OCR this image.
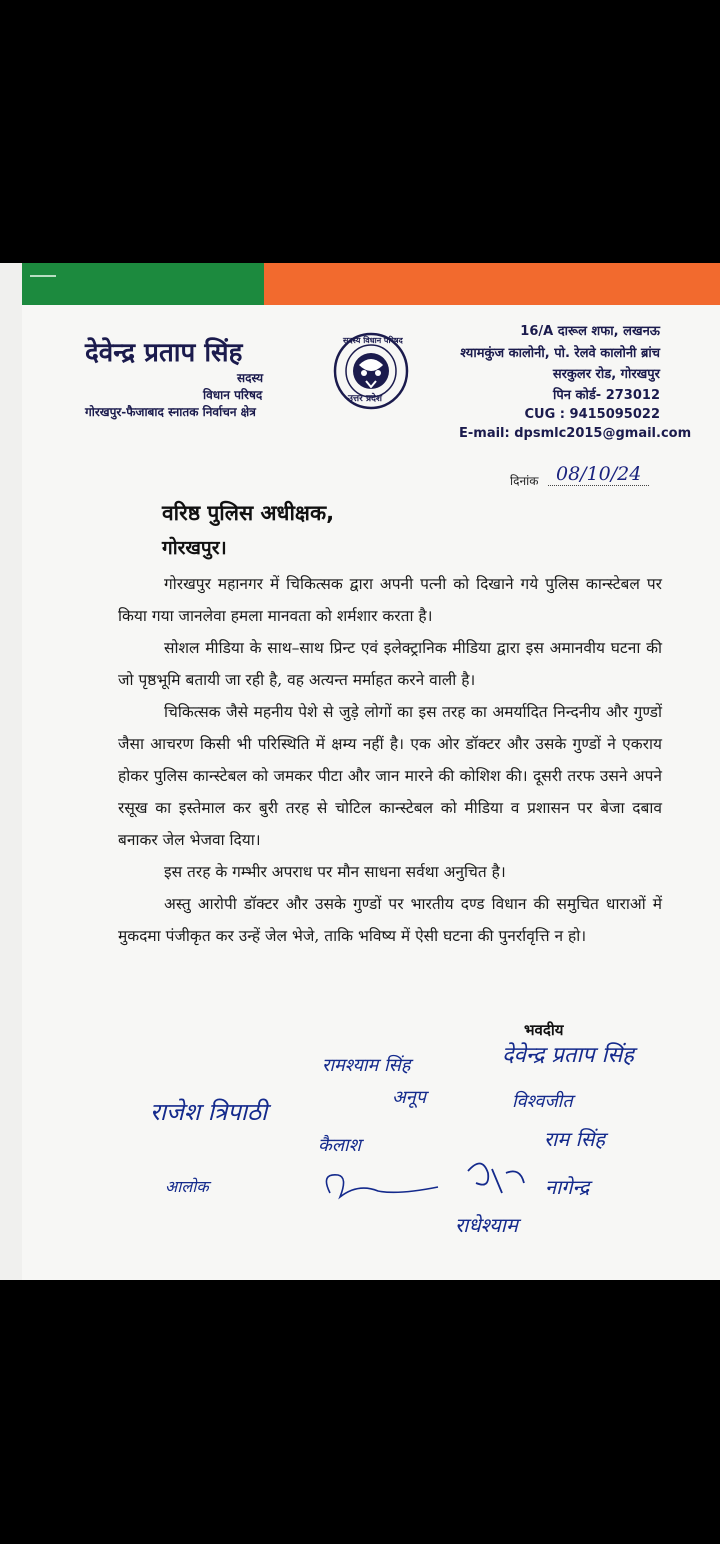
देवेन्द्र प्रताप सिंह
सदस्य
विधान परिषद
गोरखपुर-फैजाबाद स्नातक निर्वाचन क्षेत्र
सदस्य विधान परिषद
उत्तर प्रदेश
16/A दारूल शफा, लखनऊ
श्यामकुंज कालोनी, पो. रेलवे कालोनी ब्रांच
सरकुलर रोड, गोरखपुर
पिन कोर्ड- 273012
CUG : 9415095022
E-mail: dpsmlc2015@gmail.com
दिनांक 08/10/24
वरिष्ठ पुलिस अधीक्षक,
गोरखपुर।

गोरखपुर महानगर में चिकित्सक द्वारा अपनी पत्नी को दिखाने गये पुलिस कान्स्टेबल पर किया गया जानलेवा हमला मानवता को शर्मशार करता है।

सोशल मीडिया के साथ–साथ प्रिन्ट एवं इलेक्ट्रानिक मीडिया द्वारा इस अमानवीय घटना की जो पृष्ठभूमि बतायी जा रही है, वह अत्यन्त मर्माहत करने वाली है।

चिकित्सक जैसे महनीय पेशे से जुड़े लोगों का इस तरह का अमर्यादित निन्दनीय और गुण्डों जैसा आचरण किसी भी परिस्थिति में क्षम्य नहीं है। एक ओर डॉक्टर और उसके गुण्डों ने एकराय होकर पुलिस कान्स्टेबल को जमकर पीटा और जान मारने की कोशिश की। दूसरी तरफ उसने अपने रसूख का इस्तेमाल कर बुरी तरह से चोटिल कान्स्टेबल को मीडिया व प्रशासन पर बेजा दबाव बनाकर जेल भेजवा दिया।

इस तरह के गम्भीर अपराध पर मौन साधना सर्वथा अनुचित है।

अस्तु आरोपी डॉक्टर और उसके गुण्डों पर भारतीय दण्ड विधान की समुचित धाराओं में मुकदमा पंजीकृत कर उन्हें जेल भेजे, ताकि भविष्य में ऐसी घटना की पुनर्रावृत्ति न हो।

भवदीय
रामश्याम सिंह	देवेन्द्र प्रताप सिंह
राजेश त्रिपाठी
अनूप	विश्वजीत
राम सिंह
कैलाश
आलोक	नागेन्द्र
राधेश्याम
